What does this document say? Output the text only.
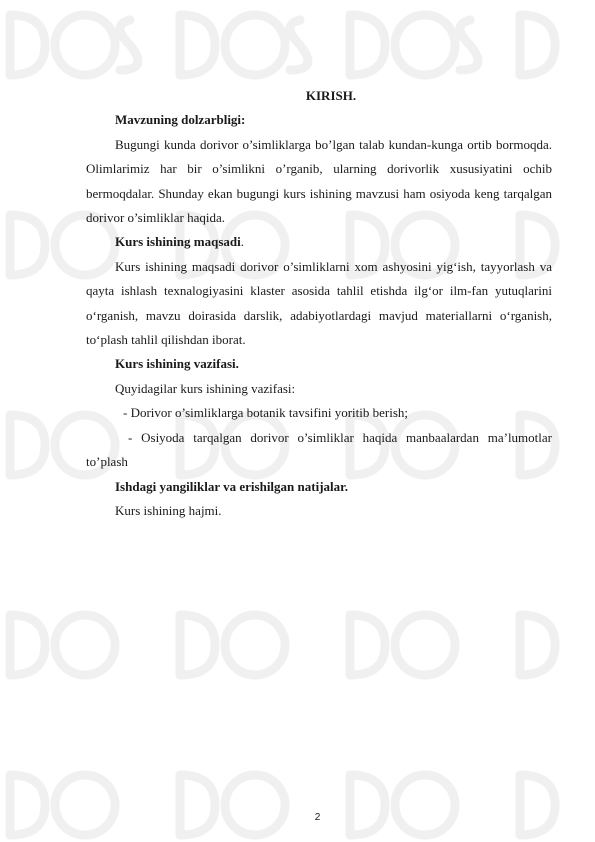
KIRISH.

Mavzuning dolzarbligi:

Bugungi kunda dorivor o’simliklarga bo’lgan talab kundan-kunga ortib bormoqda. Olimlarimiz har bir o’simlikni o’rganib, ularning dorivorlik xususiyatini ochib bermoqdalar. Shunday ekan bugungi kurs ishining mavzusi ham osiyoda keng tarqalgan dorivor o’simliklar haqida.

Kurs ishining maqsadi.

Kurs ishining maqsadi dorivor o’simliklarni xom ashyosini yig‘ish, tayyorlash va qayta ishlash texnalogiyasini klaster asosida tahlil etishda ilg‘or ilm-fan yutuqlarini o‘rganish, mavzu doirasida darslik, adabiyotlardagi mavjud materiallarni o‘rganish, to‘plash tahlil qilishdan iborat.

Kurs ishining vazifasi.

Quyidagilar kurs ishining vazifasi:

- Dorivor o’simliklarga botanik tavsifini yoritib berish;

- Osiyoda tarqalgan dorivor o’simliklar haqida manbaalardan ma’lumotlar to’plash

Ishdagi yangiliklar va erishilgan natijalar.

Kurs ishining hajmi.

2
